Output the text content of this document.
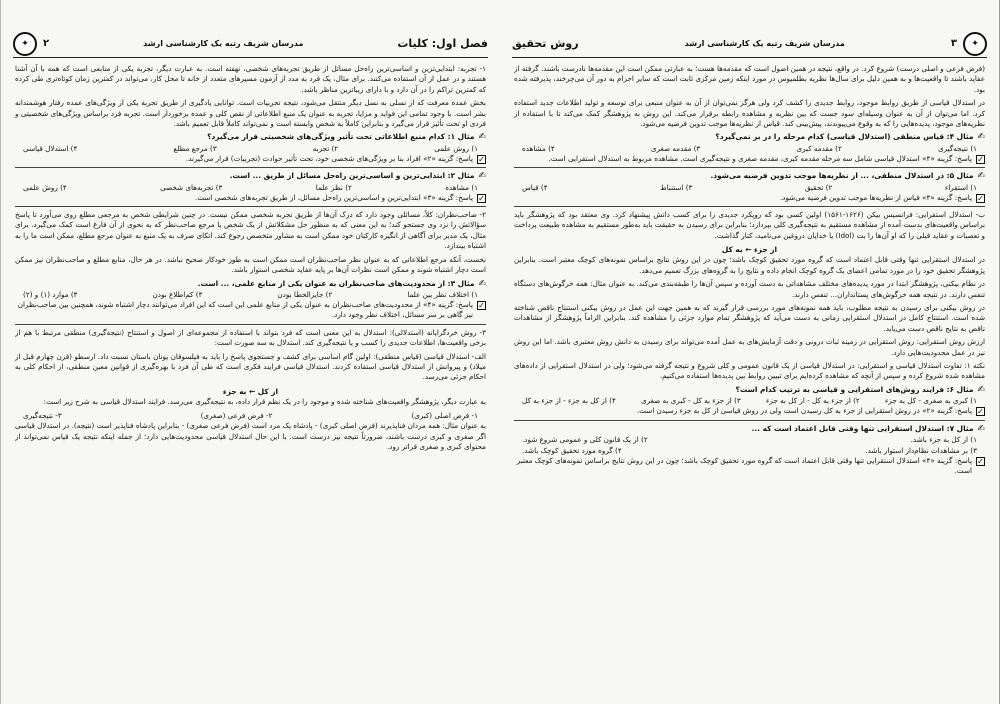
فصل اول: کلیات
مدرسان شریف رتبه یک کارشناسی ارشد
۲
✦

۱- تجربه: ابتدایی‌ترین و اساسی‌ترین راه‌حل مسائل از طریق تجربه‌های شخصی، نهفته است. به عبارت دیگر، تجربه یکی از منابعی است که همه با آن آشنا هستند و در عمل از آن استفاده می‌کنند. برای مثال، یک فرد به مدد از آزمون مسیرهای متعدد از خانه تا محل کار، می‌تواند در کمترین زمان کوتاه‌تری طی کرده که کمترین تراکم را در آن دارد و با دارای زیباترین مناظر باشد.

بخش عمده معرفت که از نسلی به نسل دیگر منتقل می‌شود، نتیجه تجربیات است. توانایی یادگیری از طریق تجربه یکی از ویژگی‌های عمده رفتار هوشمندانه بشر است. با وجود تمامی این فواید و مزایا، تجربه به عنوان یک منبع اطلاعاتی از نقص کلی و عمده برخوردار است. تجربه فرد براساس ویژگی‌های شخصیتی و فردی او تحت تأثیر قرار می‌گیرد و بنابراین کاملاً به شخص وابسته است و نمی‌تواند کاملاً قابل تعمیم باشد.

✍
مثال ۱: کدام منبع اطلاعاتی تحت تأثیر ویژگی‌های شخصیتی قرار می‌گیرد؟
۱) روش علمی
۲) تجربه
۳) مرجع مطلع
۴) استدلال قیاسی
✓
پاسخ: گزینه «۲» افراد بنا بر ویژگی‌های شخصی خود، تحت تأثیر حوادث (تجربیات) قرار می‌گیرند.
✍
مثال ۲: ابتدایی‌ترین و اساسی‌ترین راه‌حل مسائل از طریق ... است.
۱) مشاهده
۲) نظر علما
۳) تجربه‌های شخصی
۴) روش علمی
✓
پاسخ: گزینه «۳» ابتدایی‌ترین و اساسی‌ترین راه‌حل مسائل، از طریق تجربه‌های شخصی است.

۲- صاحب‌نظران: کلاً، مسائلی وجود دارد که درک آن‌ها از طریق تجربه شخصی ممکن نیست. در چنین شرایطی شخص به مرجعی مطلع روی می‌آورد تا پاسخ سؤالاتش را نزد وی جستجو کند؛ به این معنی که به منظور حل مشکلاتش از یک شخص یا مرجع صاحب‌نظر که به نحوی از آن فارغ است کمک می‌گیرد. برای مثال، یک مدیر برای آگاهی از انگیزه کارکنان خود ممکن است به مشاور متخصص رجوع کند. اتکای صرف به یک منبع به عنوان مرجع مطلع، ممکن است ما را به اشتباه بیندازد.

نخست، آنکه مرجع اطلاعاتی که به عنوان نظر صاحب‌نظران است ممکن است به طور خودکار صحیح نباشد. در هر حال، منابع مطلع و صاحب‌نظران نیز ممکن است دچار اشتباه شوند و ممکن است نظرات آن‌ها بر پایه عقاید شخصی استوار باشد.

✍
مثال ۳: از محدودیت‌های صاحب‌نظران به عنوان یکی از منابع علمی، ... است.
۱) اختلاف نظر بین علما
۲) جایزالخطا بودن
۳) کم‌اطلاع بودن
۴) موارد (۱) و (۲)
✓
پاسخ: گزینه «۴» از محدودیت‌های صاحب‌نظران به عنوان یکی از منابع علمی این است که این افراد می‌توانند دچار اشتباه شوند، همچنین بین صاحب‌نظران نیز گاهی بر سر مسائل، اختلاف نظر وجود دارد.

۳- روش خردگرایانه (استدلالی): استدلال به این معنی است که فرد بتواند با استفاده از مجموعه‌ای از اصول و استنتاج (نتیجه‌گیری) منطقی مرتبط با هم از برخی واقعیت‌ها، اطلاعات جدیدی را کسب و یا نتیجه‌گیری کند. استدلال به سه صورت است:

الف- استدلال قیاسی (قیاس منطقی): اولین گام اساسی برای کشف و جستجوی پاسخ را باید به فیلسوفان یونان باستان نسبت داد. ارسطو (قرن چهارم قبل از میلاد) و پیروانش از استدلال قیاسی استفاده کردند. استدلال قیاسی فرایند فکری است که طی آن فرد با بهره‌گیری از قوانین معین منطقی، از احکام کلی به احکام جزئی می‌رسد.

از کل ← به جزء

به عبارت دیگر، پژوهشگر واقعیت‌های شناخته شده و موجود را در یک نظم قرار داده، به نتیجه‌گیری می‌رسد. فرایند استدلال قیاسی به شرح زیر است:

۱- فرض اصلی (کبری)
۲- فرض فرعی (صغری)
۳- نتیجه‌گیری

به عنوان مثال: همه مردان فناپذیرند (فرض اصلی کبری) - پادشاه یک مرد است (فرض فرعی صغری) - بنابراین پادشاه فناپذیر است (نتیجه). در استدلال قیاسی اگر صغری و کبری درست باشند، ضرورتاً نتیجه نیز درست است. با این حال استدلال قیاسی محدودیت‌هایی دارد؛ از جمله اینکه نتیجه یک قیاس نمی‌تواند از محتوای کبری و صغری فراتر رود.

✦
۳
مدرسان شریف رتبه یک کارشناسی ارشد
روش تحقیق

(فرض فرعی و اصلی درست) شروع کرد. در واقع، نتیجه در همین اصول است که مقدمه‌ها هست؛ به عبارتی ممکن است این مقدمه‌ها نادرست باشند. گرفته از عقاید باشند تا واقعیت‌ها و به همین دلیل برای سال‌ها نظریه بطلمیوس در مورد اینکه زمین مرکزی ثابت است که سایر اجرام به دور آن می‌چرخند، پذیرفته شده بود.

در استدلال قیاسی از طریق روابط موجود، روابط جدیدی را کشف کرد ولی هرگز نمی‌توان از آن به عنوان منبعی برای توسعه و تولید اطلاعات جدید استفاده کرد. اما می‌توان از آن به عنوان وسیله‌ای سود جست که بین نظریه و مشاهده رابطه برقرار می‌کند. این روش به پژوهشگر کمک می‌کند تا با استفاده از نظریه‌های موجود، پدیده‌هایی را که به وقوع می‌پیوندند، پیش‌بینی کند. قیاس از نظریه‌ها موجب تدوین فرضیه می‌شود.

✍
مثال ۴: قیاس منطقی (استدلال قیاسی) کدام مرحله را در بر نمی‌گیرد؟
۱) نتیجه‌گیری
۲) مقدمه کبری
۳) مقدمه صغری
۴) مشاهده
✓
پاسخ: گزینه «۴» استدلال قیاسی شامل سه مرحله مقدمه کبری، مقدمه صغری و نتیجه‌گیری است. مشاهده مربوط به استدلال استقرایی است.
✍
مثال ۵: در استدلال منطقی، ... از نظریه‌ها موجب تدوین فرضیه می‌شود.
۱) استقراء
۲) تحقیق
۳) استنباط
۴) قیاس
✓
پاسخ: گزینه «۴» قیاس از نظریه‌ها موجب تدوین فرضیه می‌شود.

ب- استدلال استقرایی: فرانسیس بیکن (۱۶۲۶-۱۵۶۱) اولین کسی بود که رویکرد جدیدی را برای کسب دانش پیشنهاد کرد. وی معتقد بود که پژوهشگر باید براساس واقعیت‌های بدست آمده از مشاهده مستقیم به نتیجه‌گیری کلی بپردازد؛ بنابراین برای رسیدن به حقیقت باید به‌طور مستقیم به مشاهده طبیعت پرداخت و تعصبات و عقاید قبلی را که او آن‌ها را بت (Idol) یا خدایان دروغین می‌نامید، کنار گذاشت.

از جزء ← به کل

در استدلال استقرایی تنها وقتی قابل اعتماد است که گروه مورد تحقیق کوچک باشد؛ چون در این روش نتایج براساس نمونه‌های کوچک معتبر است. بنابراین پژوهشگر تحقیق خود را در مورد تمامی اعضای یک گروه کوچک انجام داده و نتایج را به گروه‌های بزرگ تعمیم می‌دهد.

در نظام بیکنی، پژوهشگر ابتدا در مورد پدیده‌های مختلف مشاهداتی به دست آورده و سپس آن‌ها را طبقه‌بندی می‌کند. به عنوان مثال: همه خرگوش‌های دستگاه تنفس دارند. در نتیجه همه خرگوش‌های پستانداران... تنفس دارند.

در روش بیکنی برای رسیدن به نتیجه مطلوب، باید همه نمونه‌های مورد بررسی قرار گیرند که به همین جهت این عمل در روش بیکنی استنتاج ناقص شناخته شده است. استنتاج کامل در استدلال استقرایی زمانی به دست می‌آید که پژوهشگر تمام موارد جزئی را مشاهده کند. بنابراین الزاماً پژوهشگر از مشاهدات ناقص به نتایج ناقص دست می‌یابد.

ارزش روش استقرایی: روش استقرایی در زمینه ثبات درونی و دقت آزمایش‌های به عمل آمده می‌تواند برای رسیدن به دانش روش معتبری باشد. اما این روش نیز در عمل محدودیت‌هایی دارد.

نکته ۱: تفاوت استدلال قیاسی و استقرایی: در استدلال قیاسی از یک قانون عمومی و کلی شروع و نتیجه گرفته می‌شود؛ ولی در استدلال استقرایی از داده‌های مشاهده شده شروع کرده و سپس از آنچه که مشاهده کرده‌ایم برای تبیین روابط بین پدیده‌ها استفاده می‌کنیم.

✍
مثال ۶: فرایند روش‌های استقرایی و قیاسی به ترتیب کدام است؟
۱) کبری به صغری - کل به جزء
۲) از جزء به کل - از کل به جزء
۳) از جزء به کل - کبری به صغری
۴) از کل به جزء - از جزء به کل
✓
پاسخ: گزینه «۲» در روش استقرایی از جزء به کل رسیدن است ولی در روش قیاسی از کل به جزء رسیدن است.
✍
مثال ۷: استدلال استقرایی تنها وقتی قابل اعتماد است که ...
۱) از کل به جزء باشد.
۲) از یک قانون کلی و عمومی شروع شود.
۳) بر مشاهدات نظام‌دار استوار باشد.
۴) گروه مورد تحقیق کوچک باشد.
✓
پاسخ: گزینه «۴» استدلال استقرایی تنها وقتی قابل اعتماد است که گروه مورد تحقیق کوچک باشد؛ چون در این روش نتایج براساس نمونه‌های کوچک معتبر است.
